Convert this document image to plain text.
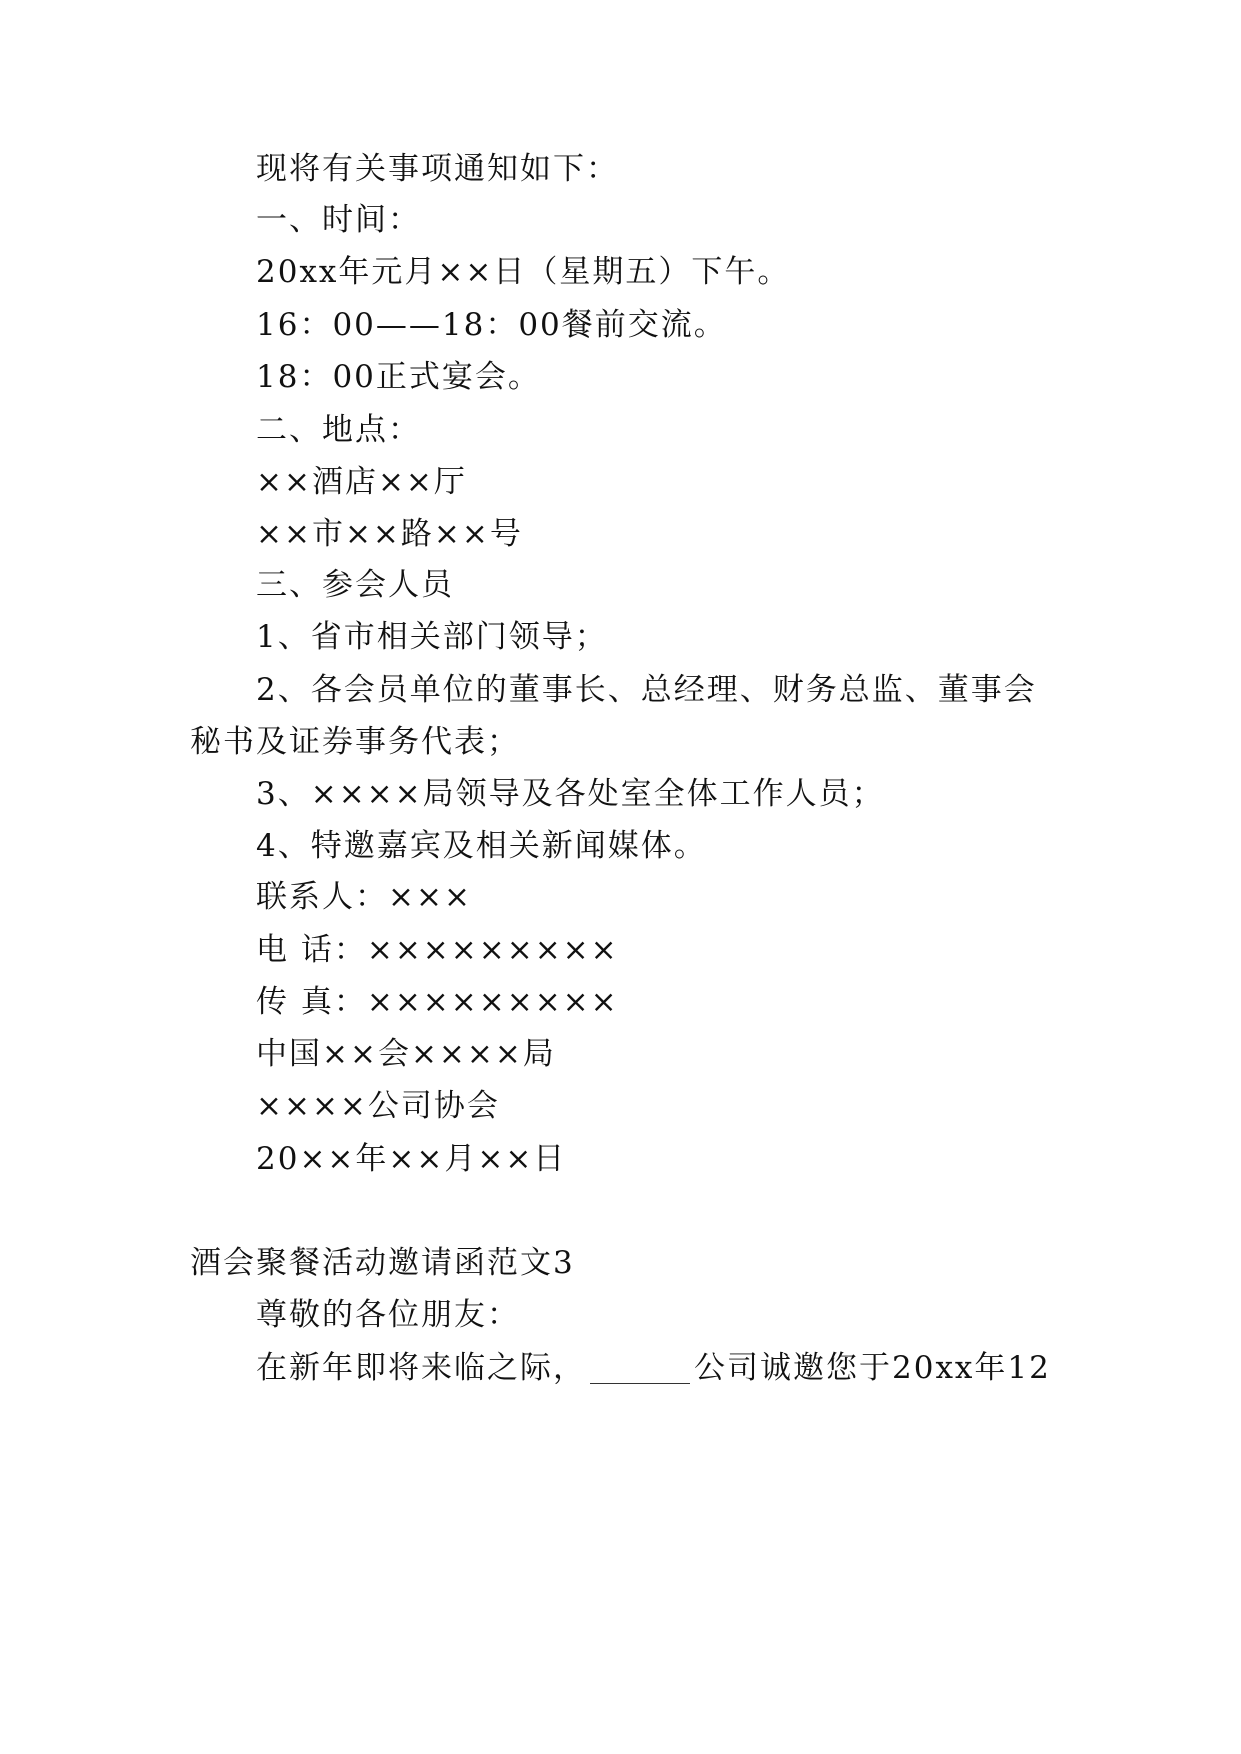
现将有关事项通知如下：
一、时间：
20xx年元月××日（星期五）下午。
16：00——18：00餐前交流。
18：00正式宴会。
二、地点：
××酒店××厅
××市××路××号
三、参会人员
1、省市相关部门领导；
2、各会员单位的董事长、总经理、财务总监、董事会
秘书及证券事务代表；
3、××××局领导及各处室全体工作人员；
4、特邀嘉宾及相关新闻媒体。
联系人：×××
电 话：×××××××××
传 真：×××××××××
中国××会××××局
××××公司协会
20××年××月××日
酒会聚餐活动邀请函范文3
尊敬的各位朋友：
在新年即将来临之际，	公司诚邀您于20xx年12
